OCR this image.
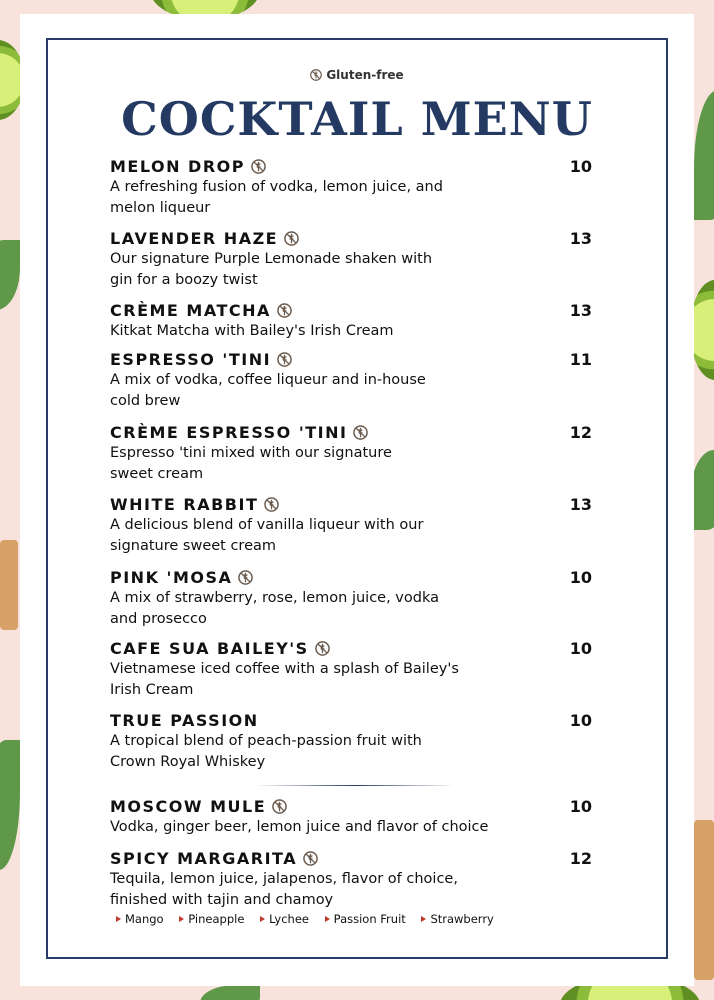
Gluten-free
COCKTAIL MENU
MELON DROP	10
A refreshing fusion of vodka, lemon juice, and
melon liqueur
LAVENDER HAZE	13
Our signature Purple Lemonade shaken with
gin for a boozy twist
CRÈME MATCHA	13
Kitkat Matcha with Bailey's Irish Cream
ESPRESSO 'TINI	11
A mix of vodka, coffee liqueur and in-house
cold brew
CRÈME ESPRESSO 'TINI	12
Espresso 'tini mixed with our signature
sweet cream
WHITE RABBIT	13
A delicious blend of vanilla liqueur with our
signature sweet cream
PINK 'MOSA	10
A mix of strawberry, rose, lemon juice, vodka
and prosecco
CAFE SUA BAILEY'S	10
Vietnamese iced coffee with a splash of Bailey's
Irish Cream
TRUE PASSION	10
A tropical blend of peach-passion fruit with
Crown Royal Whiskey
MOSCOW MULE	10
Vodka, ginger beer, lemon juice and flavor of choice
SPICY MARGARITA	12
Tequila, lemon juice, jalapenos, flavor of choice,
finished with tajin and chamoy
Mango Pineapple Lychee Passion Fruit Strawberry
